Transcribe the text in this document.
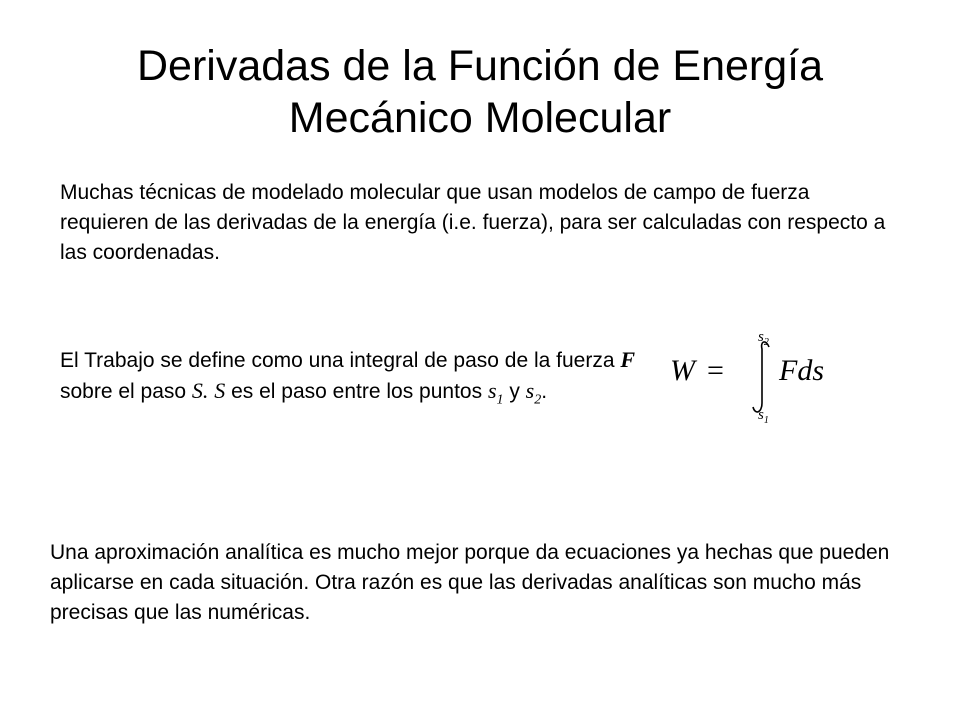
Derivadas de la Función de Energía
Mecánico Molecular
Muchas técnicas de modelado molecular que usan modelos de campo de fuerza requieren de las derivadas de la energía (i.e. fuerza), para ser calculadas con respecto a las coordenadas.
El Trabajo se define como una integral de paso de la fuerza F sobre el paso S. S es el paso entre los puntos $s_1$ y $s_2$.
W =
$s_2$
$s_1$
Fds
Una aproximación analítica es mucho mejor porque da ecuaciones ya hechas que pueden aplicarse en cada situación. Otra razón es que las derivadas analíticas son mucho más precisas que las numéricas.
